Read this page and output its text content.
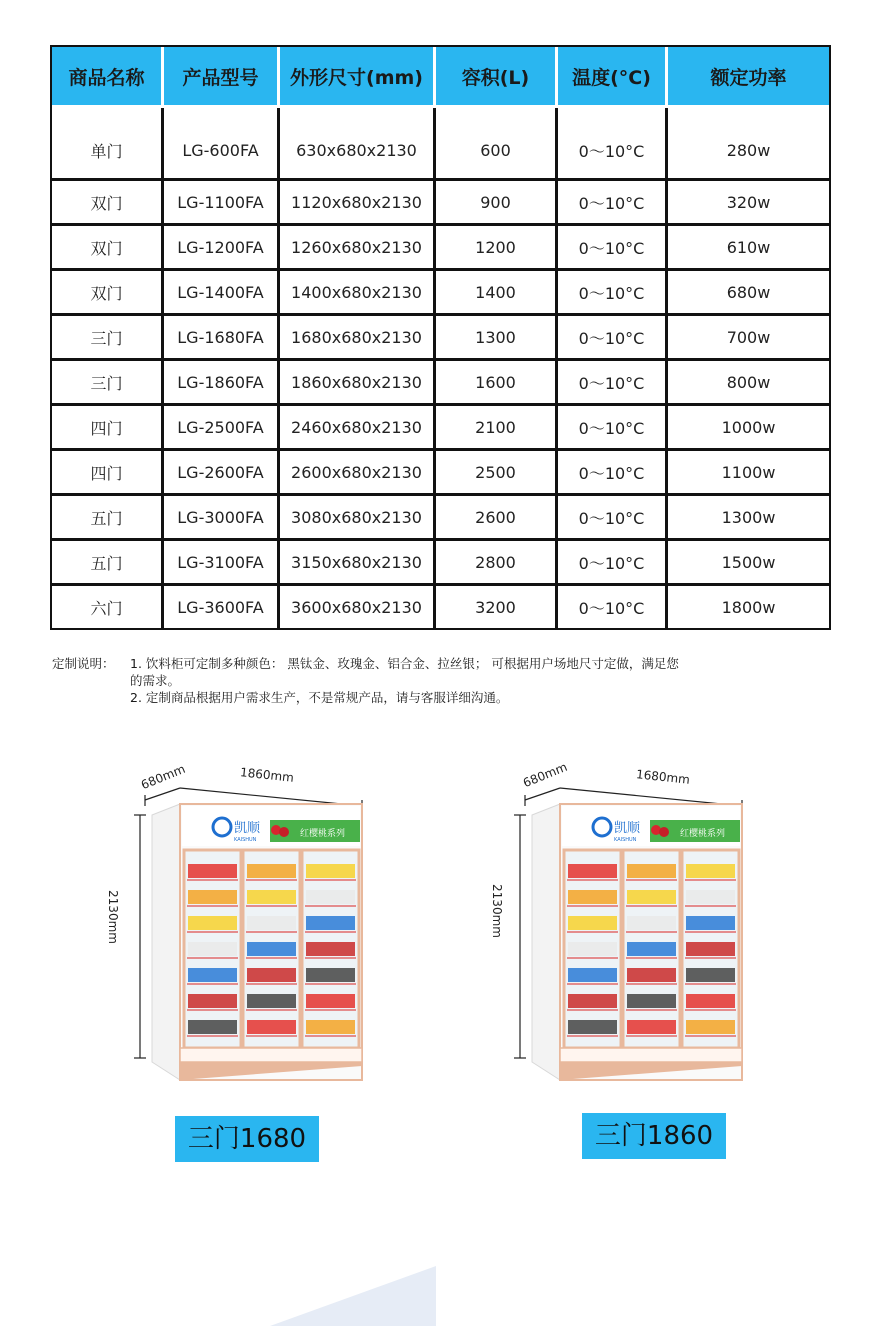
商品名称	产品型号	外形尺寸(mm)	容积(L)	温度(°C)	额定功率
单门	LG-600FA	630x680x2130	600	0～10°C	280w
双门	LG-1100FA	1120x680x2130	900	0～10°C	320w
双门	LG-1200FA	1260x680x2130	1200	0～10°C	610w
双门	LG-1400FA	1400x680x2130	1400	0～10°C	680w
三门	LG-1680FA	1680x680x2130	1300	0～10°C	700w
三门	LG-1860FA	1860x680x2130	1600	0～10°C	800w
四门	LG-2500FA	2460x680x2130	2100	0～10°C	1000w
四门	LG-2600FA	2600x680x2130	2500	0～10°C	1100w
五门	LG-3000FA	3080x680x2130	2600	0～10°C	1300w
五门	LG-3100FA	3150x680x2130	2800	0～10°C	1500w
六门	LG-3600FA	3600x680x2130	3200	0～10°C	1800w
定制说明： 1. 饮料柜可定制多种颜色： 黑钛金、玫瑰金、铝合金、拉丝银； 可根据用户场地尺寸定做，满足您
的需求。
2. 定制商品根据用户需求生产，不是常规产品，请与客服详细沟通。
680mm	1860mm
2130mm
凯顺
KAISHUN
红樱桃系列
三门1680
680mm	1680mm
2130mm
凯顺
KAISHUN
红樱桃系列
三门1860
